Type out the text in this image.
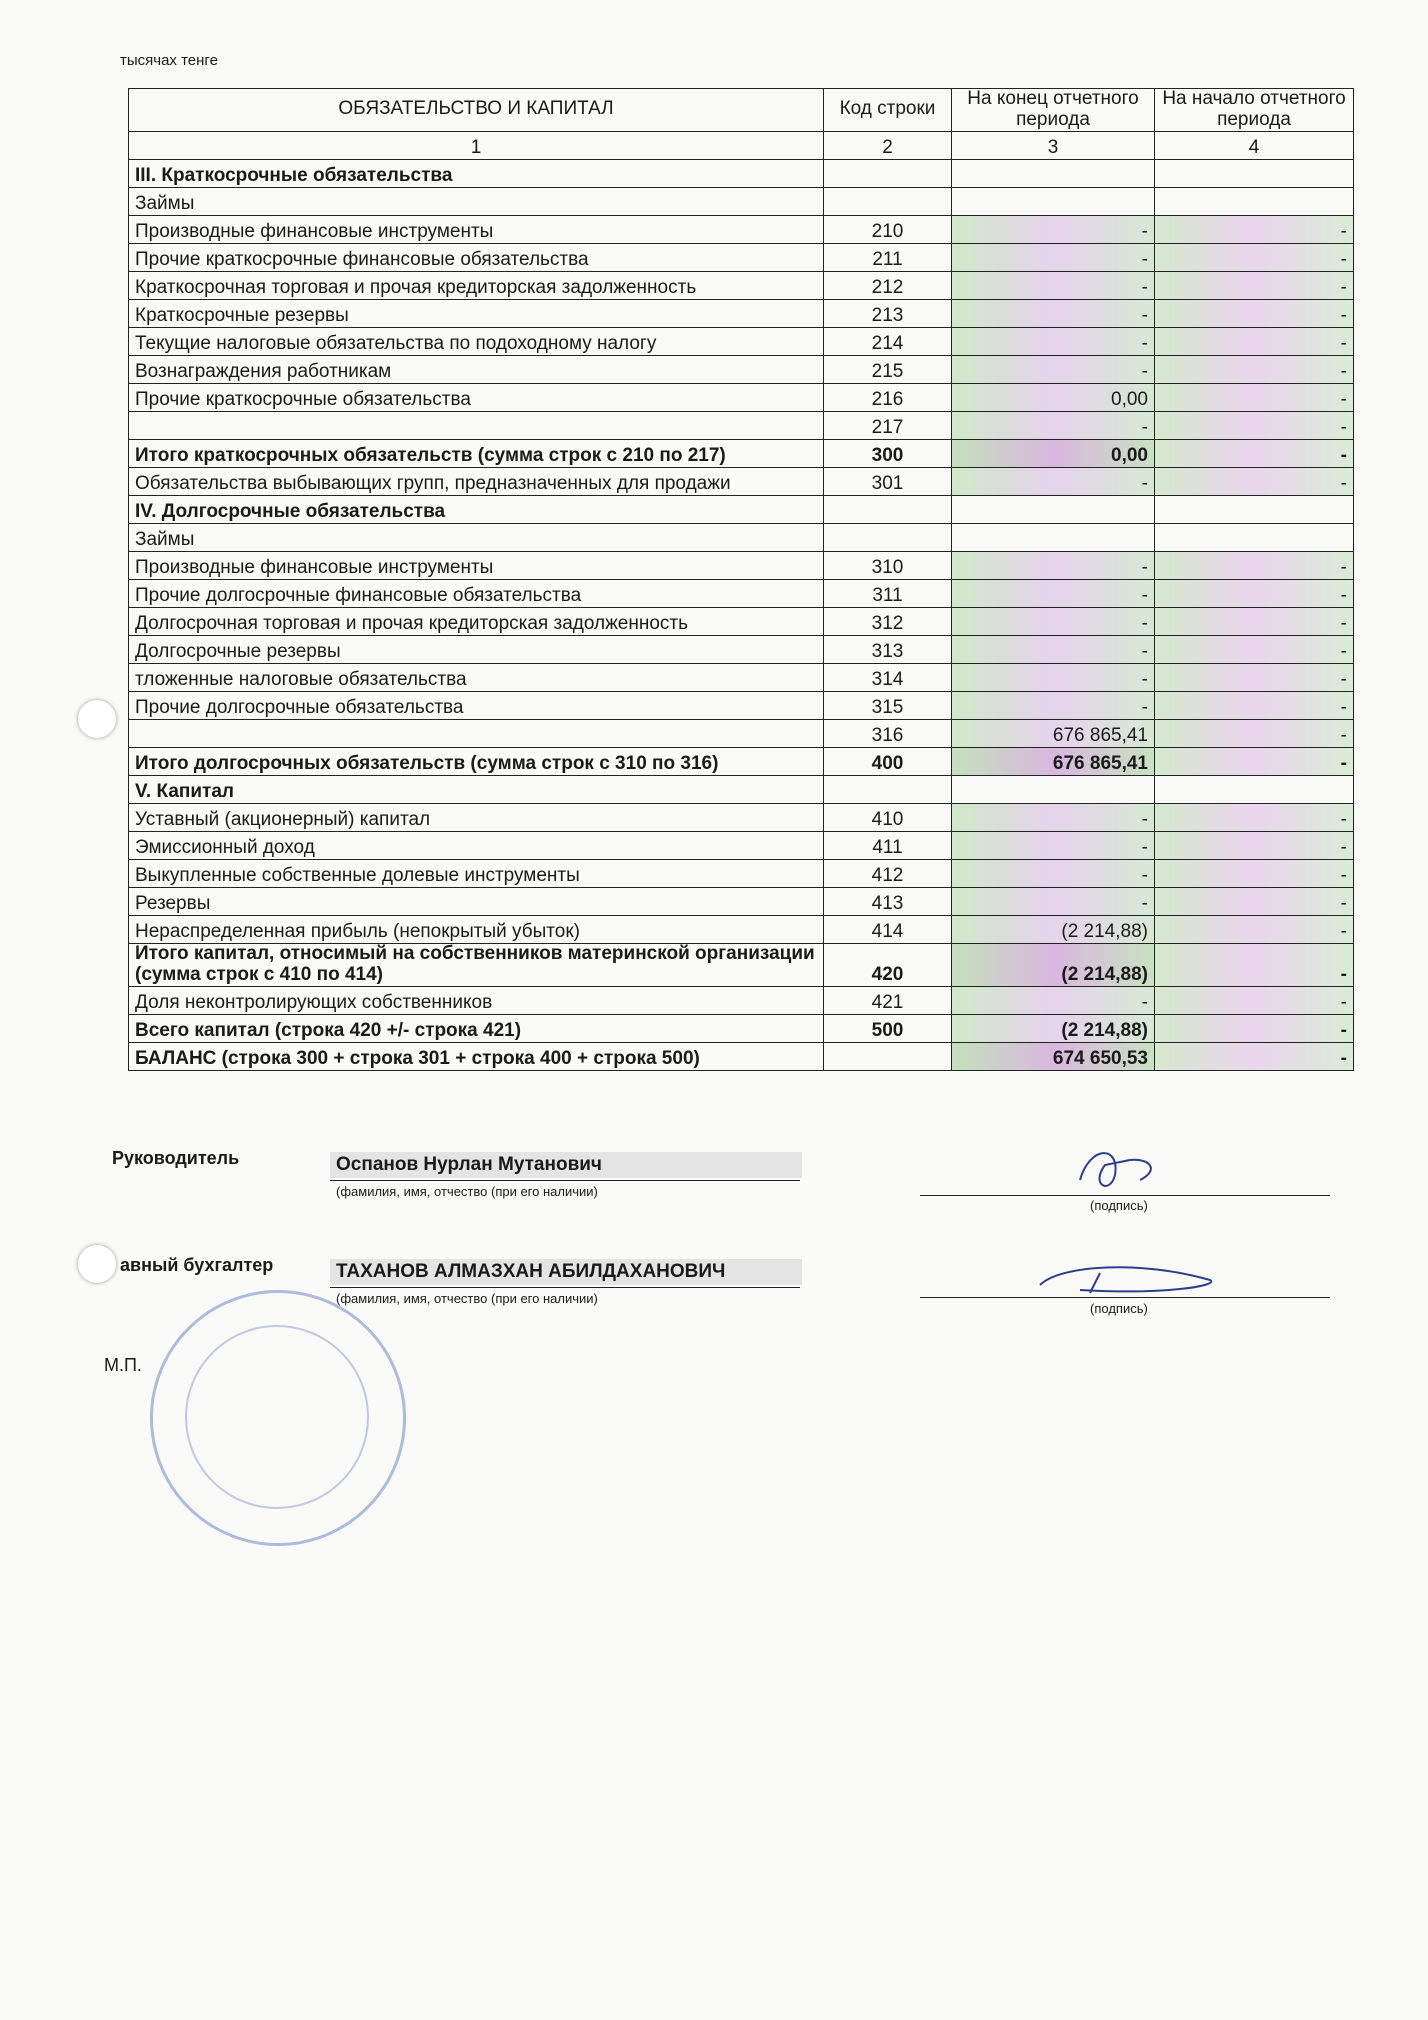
тысячах тенге
ОБЯЗАТЕЛЬСТВО И КАПИТАЛ	Код строки	На конец отчетного периода	На начало отчетного периода
1	2	3	4
III. Краткосрочные обязательства			
Займы			
Производные финансовые инструменты	210	-	-
Прочие краткосрочные финансовые обязательства	211	-	-
Краткосрочная торговая и прочая кредиторская задолженность	212	-	-
Краткосрочные резервы	213	-	-
Текущие налоговые обязательства по подоходному налогу	214	-	-
Вознаграждения работникам	215	-	-
Прочие краткосрочные обязательства	216	0,00	-
	217	-	-
Итого краткосрочных обязательств (сумма строк с 210 по 217)	300	0,00	-
Обязательства выбывающих групп, предназначенных для продажи	301	-	-
IV. Долгосрочные обязательства			
Займы			
Производные финансовые инструменты	310	-	-
Прочие долгосрочные финансовые обязательства	311	-	-
Долгосрочная торговая и прочая кредиторская задолженность	312	-	-
Долгосрочные резервы	313	-	-
тложенные налоговые обязательства	314	-	-
Прочие долгосрочные обязательства	315	-	-
	316	676 865,41	-
Итого долгосрочных обязательств (сумма строк с 310 по 316)	400	676 865,41	-
V. Капитал			
Уставный (акционерный) капитал	410	-	-
Эмиссионный доход	411	-	-
Выкупленные собственные долевые инструменты	412	-	-
Резервы	413	-	-
Нераспределенная прибыль (непокрытый убыток)	414	(2 214,88)	-
Итого капитал, относимый на собственников материнской организации (сумма строк с 410 по 414)	420	(2 214,88)	-
Доля неконтролирующих собственников	421	-	-
Всего капитал (строка 420 +/- строка 421)	500	(2 214,88)	-
БАЛАНС (строка 300 + строка 301 + строка 400 + строка 500)		674 650,53	-
Руководитель	Оспанов Нурлан Мутанович
(фамилия, имя, отчество (при его наличии)
(подпись)
авный бухгалтер	ТАХАНОВ АЛМАЗХАН АБИЛДАХАНОВИЧ
(фамилия, имя, отчество (при его наличии)
(подпись)
М.П.
